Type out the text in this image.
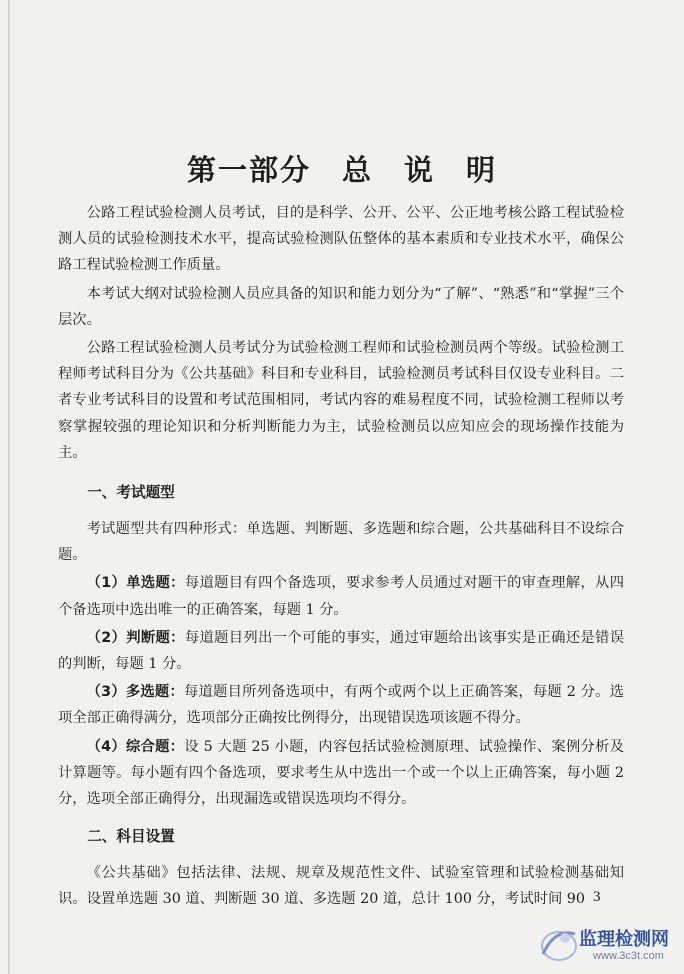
第一部分　总　说　明

公路工程试验检测人员考试，目的是科学、公开、公平、公正地考核公路工程试验检测人员的试验检测技术水平，提高试验检测队伍整体的基本素质和专业技术水平，确保公路工程试验检测工作质量。

本考试大纲对试验检测人员应具备的知识和能力划分为“了解”、“熟悉”和“掌握”三个层次。

公路工程试验检测人员考试分为试验检测工程师和试验检测员两个等级。试验检测工程师考试科目分为《公共基础》科目和专业科目，试验检测员考试科目仅设专业科目。二者专业考试科目的设置和考试范围相同，考试内容的难易程度不同，试验检测工程师以考察掌握较强的理论知识和分析判断能力为主，试验检测员以应知应会的现场操作技能为主。

一、考试题型

考试题型共有四种形式：单选题、判断题、多选题和综合题，公共基础科目不设综合题。

（1）单选题：每道题目有四个备选项，要求参考人员通过对题干的审查理解，从四个备选项中选出唯一的正确答案，每题 1 分。

（2）判断题：每道题目列出一个可能的事实，通过审题给出该事实是正确还是错误的判断，每题 1 分。

（3）多选题：每道题目所列备选项中，有两个或两个以上正确答案，每题 2 分。选项全部正确得满分，选项部分正确按比例得分，出现错误选项该题不得分。

（4）综合题：设 5 大题 25 小题，内容包括试验检测原理、试验操作、案例分析及计算题等。每小题有四个备选项，要求考生从中选出一个或一个以上正确答案，每小题 2 分，选项全部正确得分，出现漏选或错误选项均不得分。

二、科目设置

《公共基础》包括法律、法规、规章及规范性文件、试验室管理和试验检测基础知识。设置单选题 30 道、判断题 30 道、多选题 20 道，总计 100 分，考试时间 90 3
监理检测网
www.3c3t.com
